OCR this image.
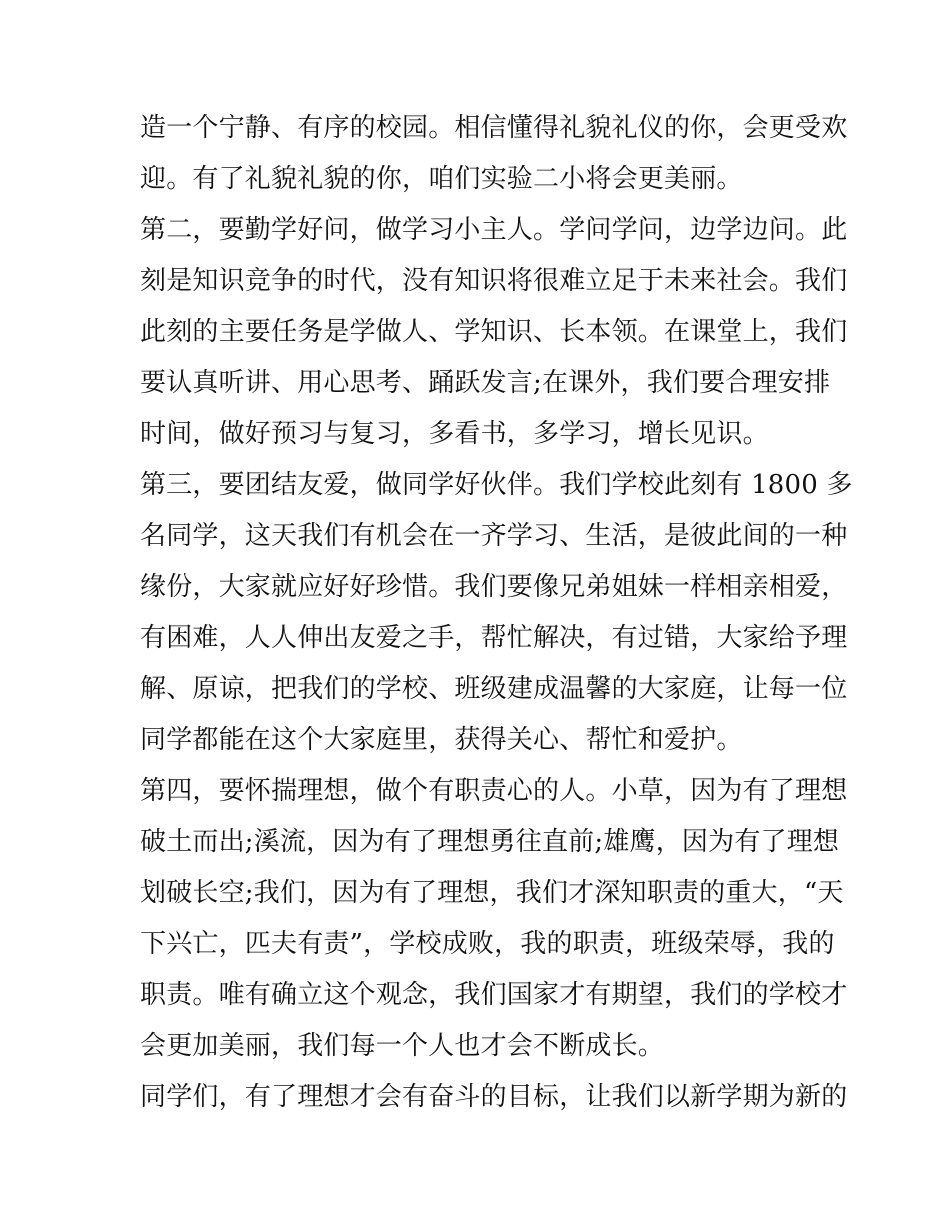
造一个宁静、有序的校园。相信懂得礼貌礼仪的你，会更受欢
迎。有了礼貌礼貌的你，咱们实验二小将会更美丽。
第二，要勤学好问，做学习小主人。学问学问，边学边问。此
刻是知识竞争的时代，没有知识将很难立足于未来社会。我们
此刻的主要任务是学做人、学知识、长本领。在课堂上，我们
要认真听讲、用心思考、踊跃发言;在课外，我们要合理安排
时间，做好预习与复习，多看书，多学习，增长见识。
第三，要团结友爱，做同学好伙伴。我们学校此刻有 1800 多
名同学，这天我们有机会在一齐学习、生活，是彼此间的一种
缘份，大家就应好好珍惜。我们要像兄弟姐妹一样相亲相爱，
有困难，人人伸出友爱之手，帮忙解决，有过错，大家给予理
解、原谅，把我们的学校、班级建成温馨的大家庭，让每一位
同学都能在这个大家庭里，获得关心、帮忙和爱护。
第四，要怀揣理想，做个有职责心的人。小草，因为有了理想
破土而出;溪流，因为有了理想勇往直前;雄鹰，因为有了理想
划破长空;我们，因为有了理想，我们才深知职责的重大，“天
下兴亡，匹夫有责”，学校成败，我的职责，班级荣辱，我的
职责。唯有确立这个观念，我们国家才有期望，我们的学校才
会更加美丽，我们每一个人也才会不断成长。
同学们，有了理想才会有奋斗的目标，让我们以新学期为新的
